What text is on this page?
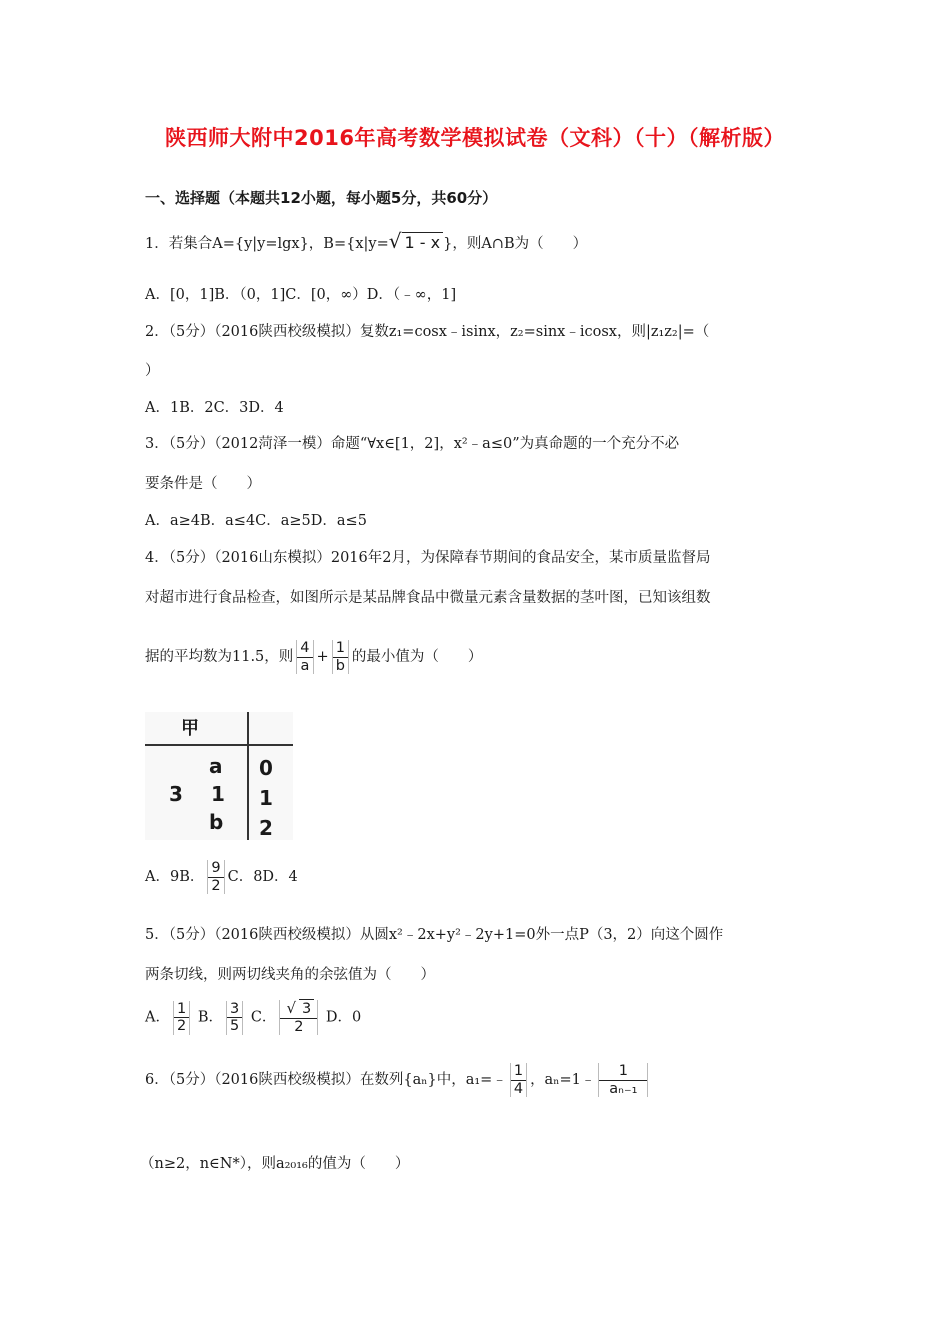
陕西师大附中2016年高考数学模拟试卷（文科）（十）（解析版）
一、选择题（本题共12小题，每小题5分，共60分）
1．若集合A={y|y=lgx}，B={x|y=√ 1 - x }，则A∩B为（　　）
A．[0，1]B．（0，1]C．[0，∞）D．（﹣∞，1]
2．（5分）（2016陕西校级模拟）复数z₁=cosx﹣isinx，z₂=sinx﹣icosx，则|z₁z₂|=（
）
A．1B．2C．3D．4
3．（5分）（2012菏泽一模）命题“∀x∈[1，2]，x²﹣a≤0”为真命题的一个充分不必
要条件是（　　）
A．a≥4B．a≤4C．a≥5D．a≤5
4．（5分）（2016山东模拟）2016年2月，为保障春节期间的食品安全，某市质量监督局
对超市进行食品检查，如图所示是某品牌食品中微量元素含量数据的茎叶图，已知该组数
据的平均数为11.5，则 $\frac{4}{a} + \frac{1}{b}$ 的最小值为（　　）
甲
3
a
1
b
0
1
2
A．9B． $\frac{9}{2}$ C．8D．4
5．（5分）（2016陕西校级模拟）从圆x²﹣2x+y²﹣2y+1=0外一点P（3，2）向这个圆作
两条切线，则两切线夹角的余弦值为（　　）
A． $\frac{1}{2}$ B． $\frac{3}{5}$ C． $\frac{√ 3}{2}$ D．0
6．（5分）（2016陕西校级模拟）在数列{aₙ}中，a₁=﹣ $\frac{1}{4}$ ，aₙ=1﹣ $\frac{1}{\text{aₙ₋₁}}$
（n≥2，n∈N*），则a₂₀₁₆的值为（　　）
